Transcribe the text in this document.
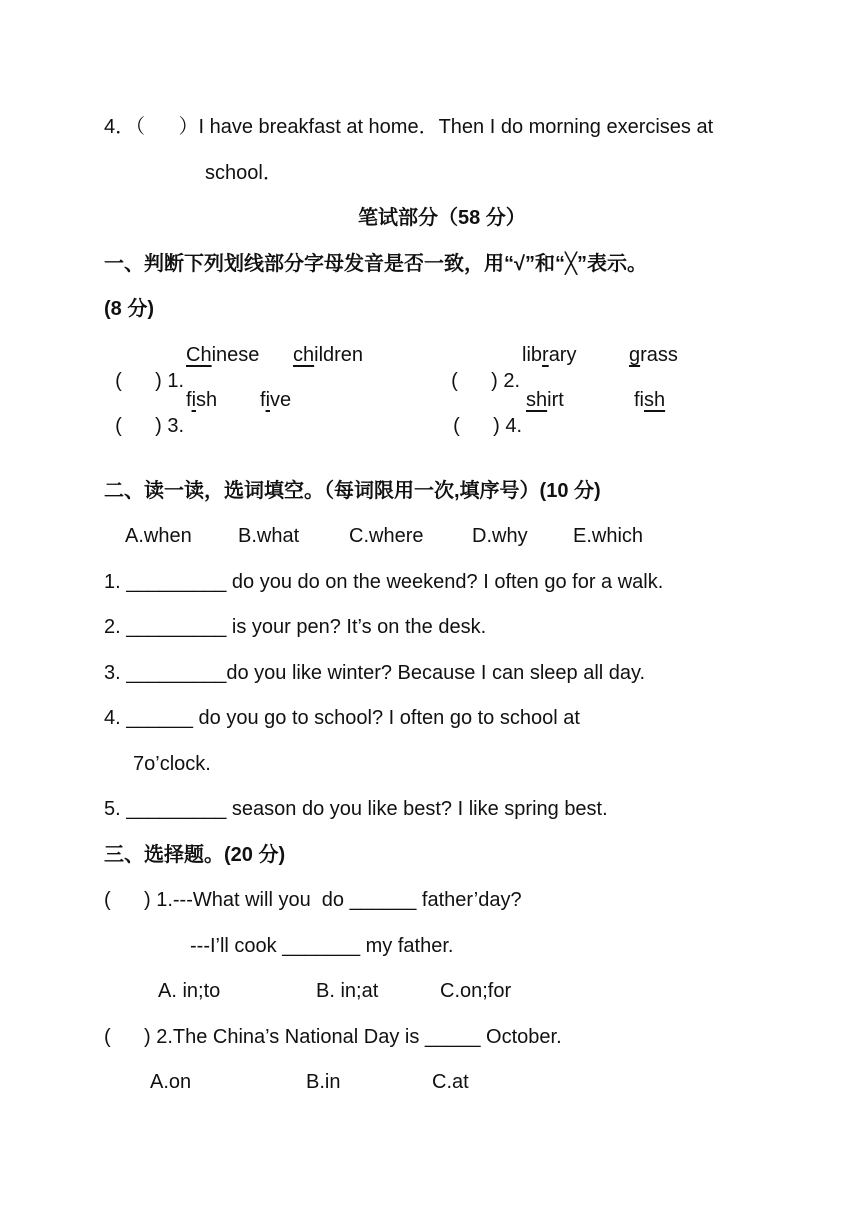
4．（      ）I have breakfast at home．Then I do morning exercises at
school．
笔试部分（58 分）
一、判断下列划线部分字母发音是否一致，用“√”和“╳”表示。
(8 分)

(      ) 1.

Chinese children

(      ) 2.

library	grass

(      ) 3.

fish five

(      ) 4.

shirt	fish
二、读一读，选词填空。（每词限用一次,填序号）(10 分)
A.when B.what C.where D.why E.which
1. _________ do you do on the weekend? I often go for a walk.
2. _________ is your pen? It’s on the desk.
3. _________do you like winter? Because I can sleep all day.
4. ______ do you go to school? I often go to school at
7o’clock.
5. _________ season do you like best? I like spring best.
三、选择题。(20 分)
(      ) 1.---What will you  do ______ father’day?
---I’ll cook _______ my father.
A. in;to	B. in;at	C.on;for
(      ) 2.The China’s National Day is _____ October.
A.on	B.in	C.at
